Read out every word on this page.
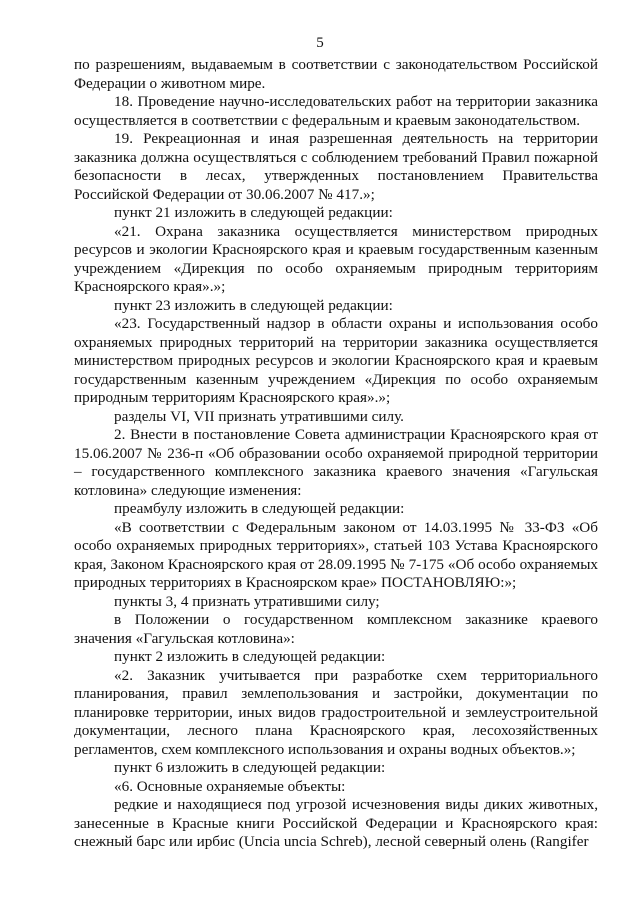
5

по разрешениям, выдаваемым в соответствии с законодательством Российской Федерации о животном мире.

18. Проведение научно-исследовательских работ на территории заказника осуществляется в соответствии с федеральным и краевым законодательством.

19. Рекреационная и иная разрешенная деятельность на территории заказника должна осуществляться с соблюдением требований Правил пожарной безопасности в лесах, утвержденных постановлением Правительства Российской Федерации от 30.06.2007 № 417.»;

пункт 21 изложить в следующей редакции:

«21. Охрана заказника осуществляется министерством природных ресурсов и экологии Красноярского края и краевым государственным казенным учреждением «Дирекция по особо охраняемым природным территориям Красноярского края».»;

пункт 23 изложить в следующей редакции:

«23. Государственный надзор в области охраны и использования особо охраняемых природных территорий на территории заказника осуществляется министерством природных ресурсов и экологии Красноярского края и краевым государственным казенным учреждением «Дирекция по особо охраняемым природным территориям Красноярского края».»;

разделы VI, VII признать утратившими силу.

2. Внести в постановление Совета администрации Красноярского края от 15.06.2007 № 236-п «Об образовании особо охраняемой природной территории – государственного комплексного заказника краевого значения «Гагульская котловина» следующие изменения:

преамбулу изложить в следующей редакции:

«В соответствии с Федеральным законом от 14.03.1995 № 33-ФЗ «Об особо охраняемых природных территориях», статьей 103 Устава Красноярского края, Законом Красноярского края от 28.09.1995 № 7-175 «Об особо охраняемых природных территориях в Красноярском крае» ПОСТАНОВЛЯЮ:»;

пункты 3, 4 признать утратившими силу;

в Положении о государственном комплексном заказнике краевого значения «Гагульская котловина»:

пункт 2 изложить в следующей редакции:

«2. Заказник учитывается при разработке схем территориального планирования, правил землепользования и застройки, документации по планировке территории, иных видов градостроительной и землеустроительной документации, лесного плана Красноярского края, лесохозяйственных регламентов, схем комплексного использования и охраны водных объектов.»;

пункт 6 изложить в следующей редакции:

«6. Основные охраняемые объекты:

редкие и находящиеся под угрозой исчезновения виды диких животных, занесенные в Красные книги Российской Федерации и Красноярского края: снежный барс или ирбис (Uncia uncia Schreb), лесной северный олень (Rangifer
